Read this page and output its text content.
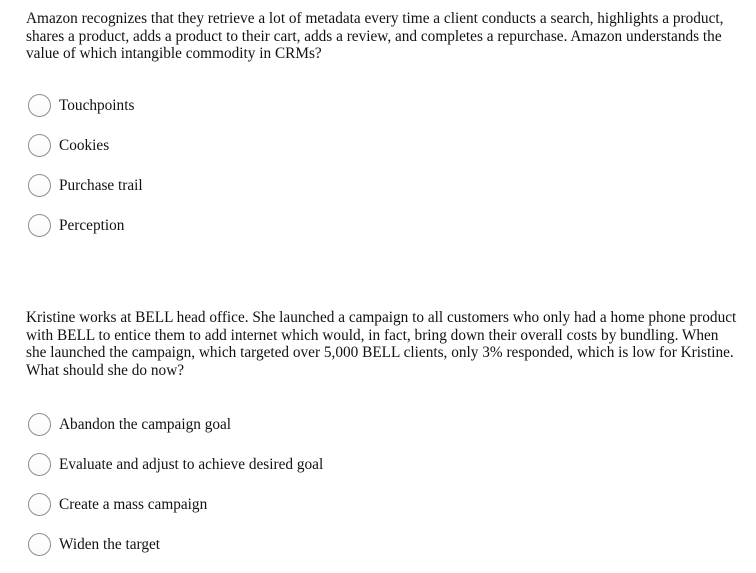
Amazon recognizes that they retrieve a lot of metadata every time a client conducts a search, highlights a product, shares a product, adds a product to their cart, adds a review, and completes a repurchase. Amazon understands the value of which intangible commodity in CRMs?

Touchpoints
Cookies
Purchase trail
Perception

Kristine works at BELL head office. She launched a campaign to all customers who only had a home phone product with BELL to entice them to add internet which would, in fact, bring down their overall costs by bundling. When she launched the campaign, which targeted over 5,000 BELL clients, only 3% responded, which is low for Kristine. What should she do now?

Abandon the campaign goal
Evaluate and adjust to achieve desired goal
Create a mass campaign
Widen the target
